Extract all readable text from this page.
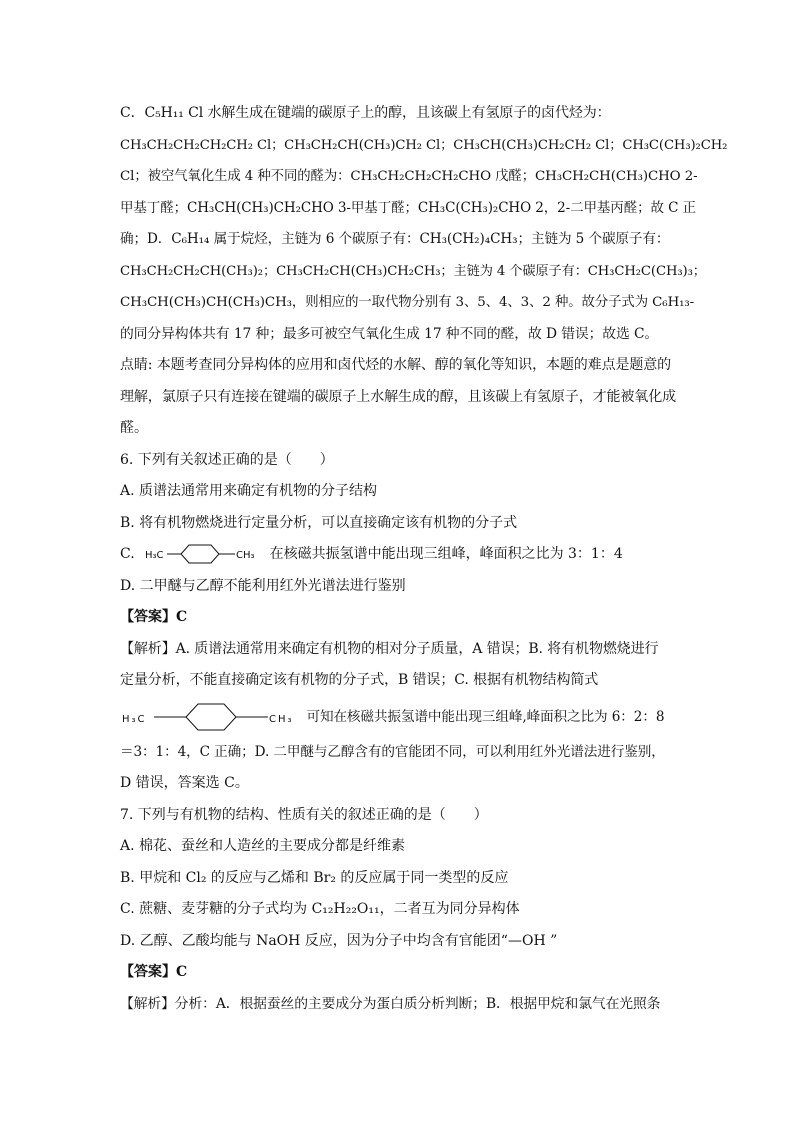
C．C₅H₁₁ Cl 水解生成在键端的碳原子上的醇，且该碳上有氢原子的卤代烃为：
CH₃CH₂CH₂CH₂CH₂ Cl；CH₃CH₂CH(CH₃)CH₂ Cl；CH₃CH(CH₃)CH₂CH₂ Cl；CH₃C(CH₃)₂CH₂
Cl；被空气氧化生成 4 种不同的醛为：CH₃CH₂CH₂CH₂CHO 戊醛；CH₃CH₂CH(CH₃)CHO 2-
甲基丁醛；CH₃CH(CH₃)CH₂CHO 3-甲基丁醛；CH₃C(CH₃)₂CHO 2，2-二甲基丙醛；故 C 正
确；D．C₆H₁₄ 属于烷烃，主链为 6 个碳原子有：CH₃(CH₂)₄CH₃；主链为 5 个碳原子有：
CH₃CH₂CH₂CH(CH₃)₂；CH₃CH₂CH(CH₃)CH₂CH₃；主链为 4 个碳原子有：CH₃CH₂C(CH₃)₃；
CH₃CH(CH₃)CH(CH₃)CH₃，则相应的一取代物分别有 3、5、4、3、2 种。故分子式为 C₆H₁₃-
的同分异构体共有 17 种；最多可被空气氧化生成 17 种不同的醛，故 D 错误；故选 C。
点睛: 本题考查同分异构体的应用和卤代烃的水解、醇的氧化等知识，本题的难点是题意的
理解，氯原子只有连接在键端的碳原子上水解生成的醇，且该碳上有氢原子，才能被氧化成
醛。
6. 下列有关叙述正确的是（　　）
A. 质谱法通常用来确定有机物的分子结构
B. 将有机物燃烧进行定量分析，可以直接确定该有机物的分子式
C. H₃C	CH₃ 在核磁共振氢谱中能出现三组峰，峰面积之比为 3：1：4
D. 二甲醚与乙醇不能利用红外光谱法进行鉴别
【答案】C
【解析】A. 质谱法通常用来确定有机物的相对分子质量，A 错误；B. 将有机物燃烧进行
定量分析，不能直接确定该有机物的分子式，B 错误；C. 根据有机物结构简式
H₃C	CH₃ 可知在核磁共振氢谱中能出现三组峰,峰面积之比为 6：2：8
＝3：1：4，C 正确；D. 二甲醚与乙醇含有的官能团不同，可以利用红外光谱法进行鉴别，
D 错误，答案选 C。
7. 下列与有机物的结构、性质有关的叙述正确的是（　　）
A. 棉花、蚕丝和人造丝的主要成分都是纤维素
B. 甲烷和 Cl₂ 的反应与乙烯和 Br₂ 的反应属于同一类型的反应
C. 蔗糖、麦芽糖的分子式均为 C₁₂H₂₂O₁₁，二者互为同分异构体
D. 乙醇、乙酸均能与 NaOH 反应，因为分子中均含有官能团“—OH ”
【答案】C
【解析】分析：A．根据蚕丝的主要成分为蛋白质分析判断；B．根据甲烷和氯气在光照条
